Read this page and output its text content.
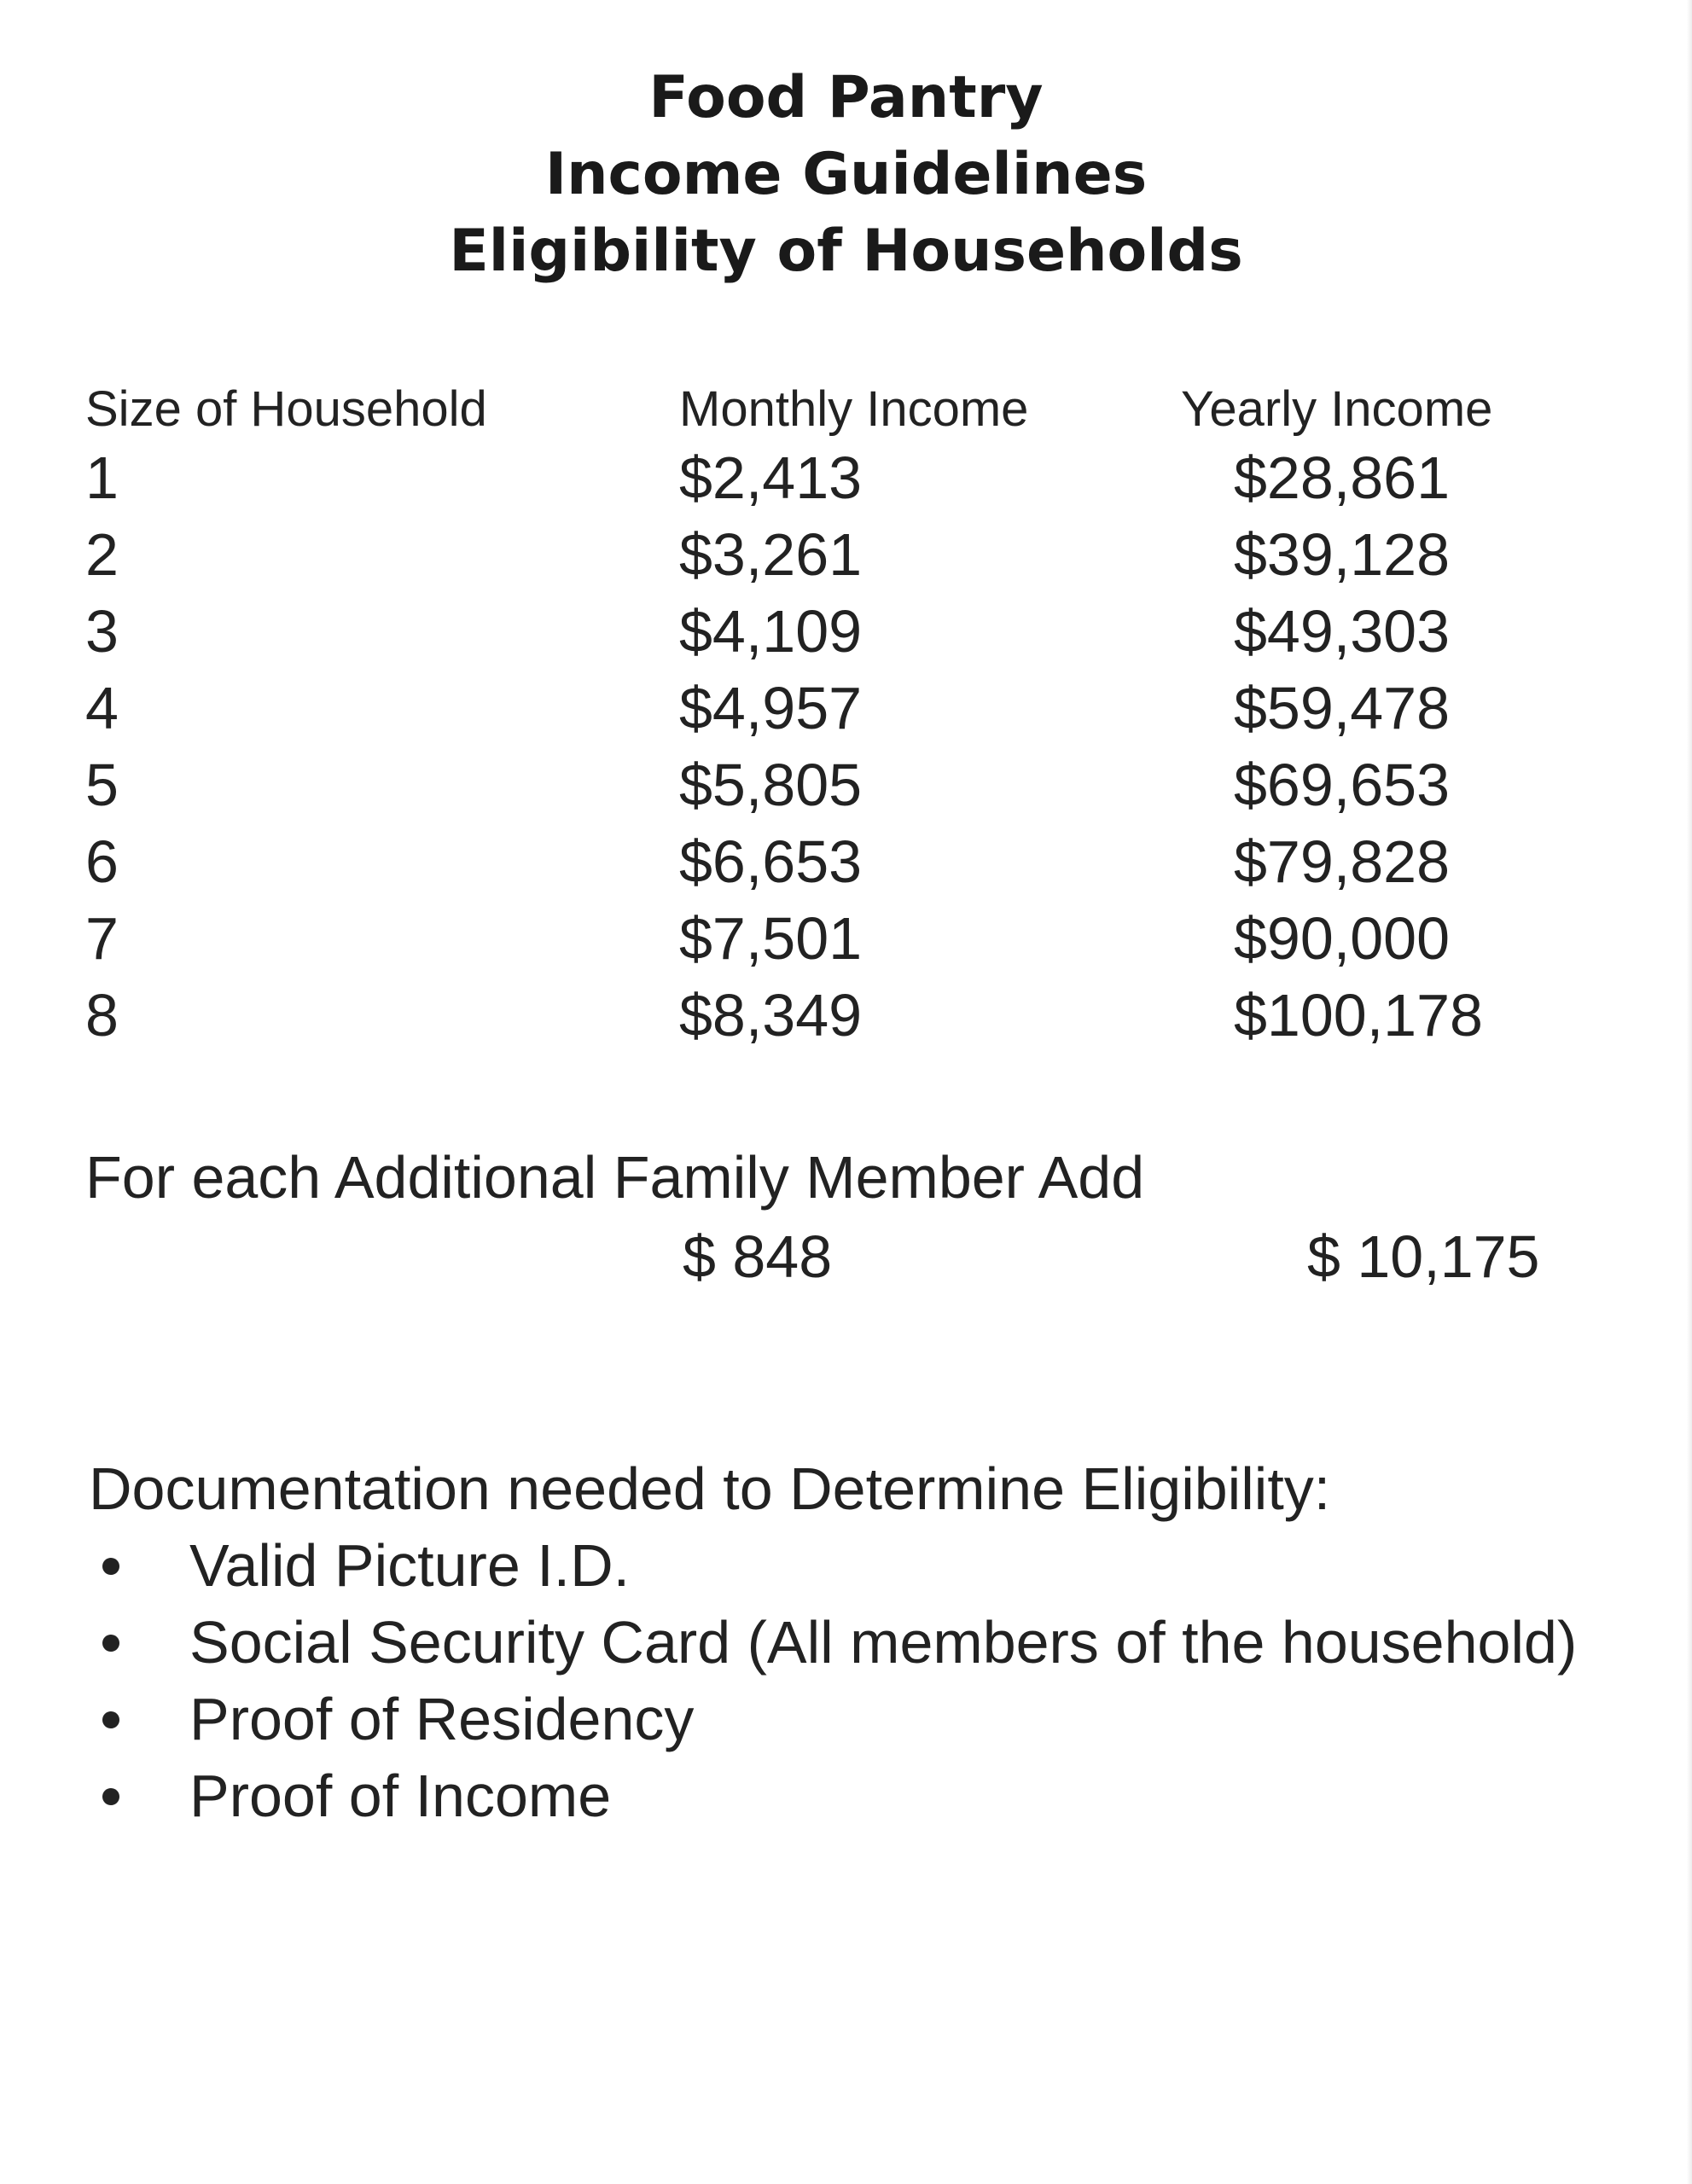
Food Pantry
Income Guidelines
Eligibility of Households
Size of Household	Monthly Income	Yearly Income
1	$2,413	$28,861
2	$3,261	$39,128
3	$4,109	$49,303
4	$4,957	$59,478
5	$5,805	$69,653
6	$6,653	$79,828
7	$7,501	$90,000
8	$8,349	$100,178
For each Additional Family Member Add
$ 848	$ 10,175
Documentation needed to Determine Eligibility:
Valid Picture I.D.
Social Security Card (All members of the household)
Proof of Residency
Proof of Income
